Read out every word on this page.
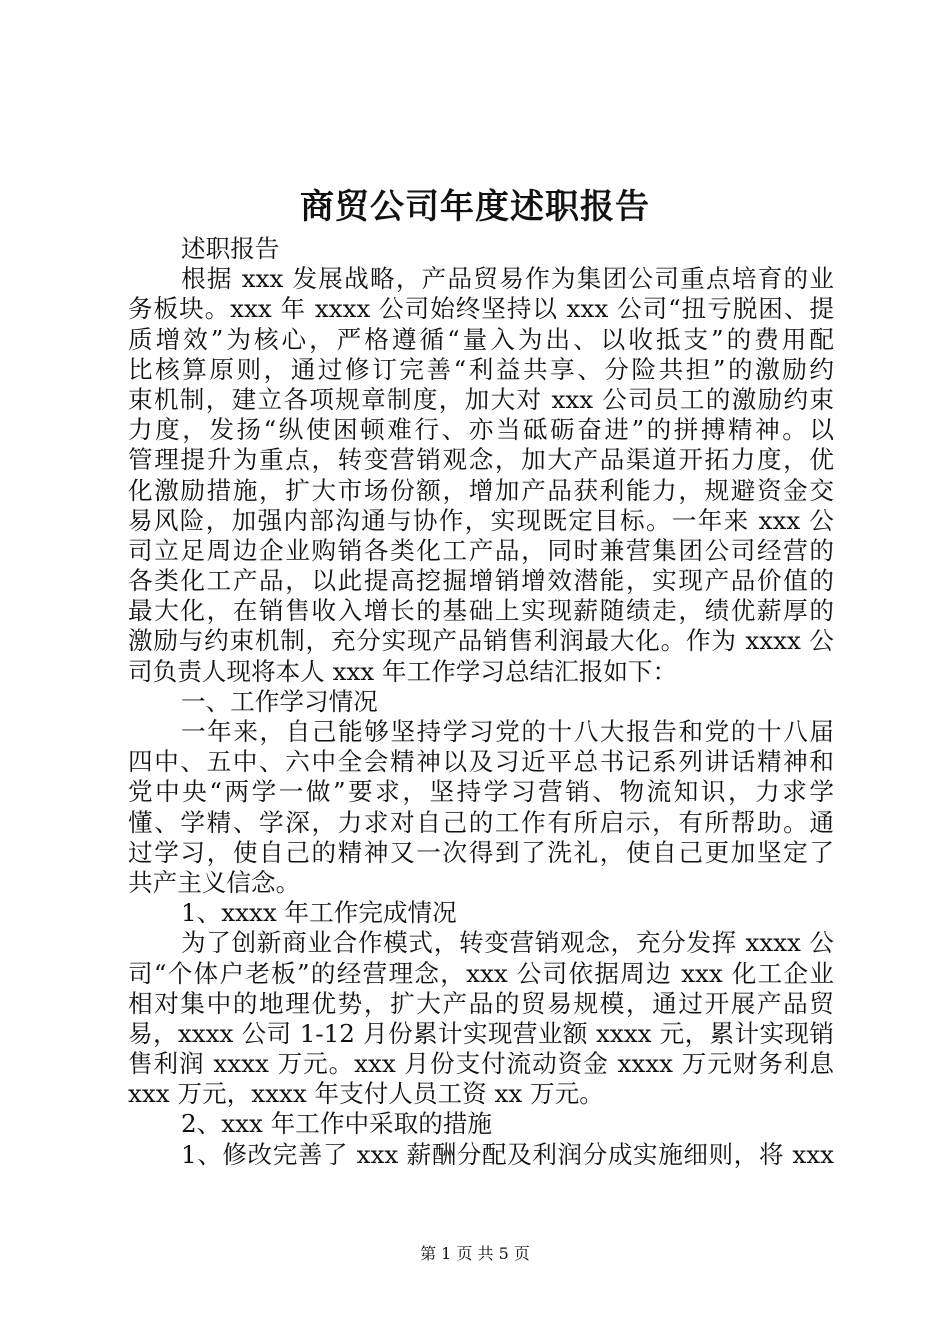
商贸公司年度述职报告
述职报告
根据 xxx 发展战略，产品贸易作为集团公司重点培育的业
务板块。xxx 年 xxxx 公司始终坚持以 xxx 公司“扭亏脱困、提
质增效”为核心，严格遵循“量入为出、以收抵支”的费用配
比核算原则，通过修订完善“利益共享、分险共担”的激励约
束机制，建立各项规章制度，加大对 xxx 公司员工的激励约束
力度，发扬“纵使困顿难行、亦当砥砺奋进”的拼搏精神。以
管理提升为重点，转变营销观念，加大产品渠道开拓力度，优
化激励措施，扩大市场份额，增加产品获利能力，规避资金交
易风险，加强内部沟通与协作，实现既定目标。一年来 xxx 公
司立足周边企业购销各类化工产品，同时兼营集团公司经营的
各类化工产品，以此提高挖掘增销增效潜能，实现产品价值的
最大化，在销售收入增长的基础上实现薪随绩走，绩优薪厚的
激励与约束机制，充分实现产品销售利润最大化。作为 xxxx 公
司负责人现将本人 xxx 年工作学习总结汇报如下：
一、工作学习情况
一年来，自己能够坚持学习党的十八大报告和党的十八届
四中、五中、六中全会精神以及习近平总书记系列讲话精神和
党中央“两学一做”要求，坚持学习营销、物流知识，力求学
懂、学精、学深，力求对自己的工作有所启示，有所帮助。通
过学习，使自己的精神又一次得到了洗礼，使自己更加坚定了
共产主义信念。
1、xxxx 年工作完成情况
为了创新商业合作模式，转变营销观念，充分发挥 xxxx 公
司“个体户老板”的经营理念，xxx 公司依据周边 xxx 化工企业
相对集中的地理优势，扩大产品的贸易规模，通过开展产品贸
易，xxxx 公司 1-12 月份累计实现营业额 xxxx 元，累计实现销
售利润 xxxx 万元。xxx 月份支付流动资金 xxxx 万元财务利息
xxx 万元，xxxx 年支付人员工资 xx 万元。
2、xxx 年工作中采取的措施
1、修改完善了 xxx 薪酬分配及利润分成实施细则，将 xxx
第 1 页 共 5 页
